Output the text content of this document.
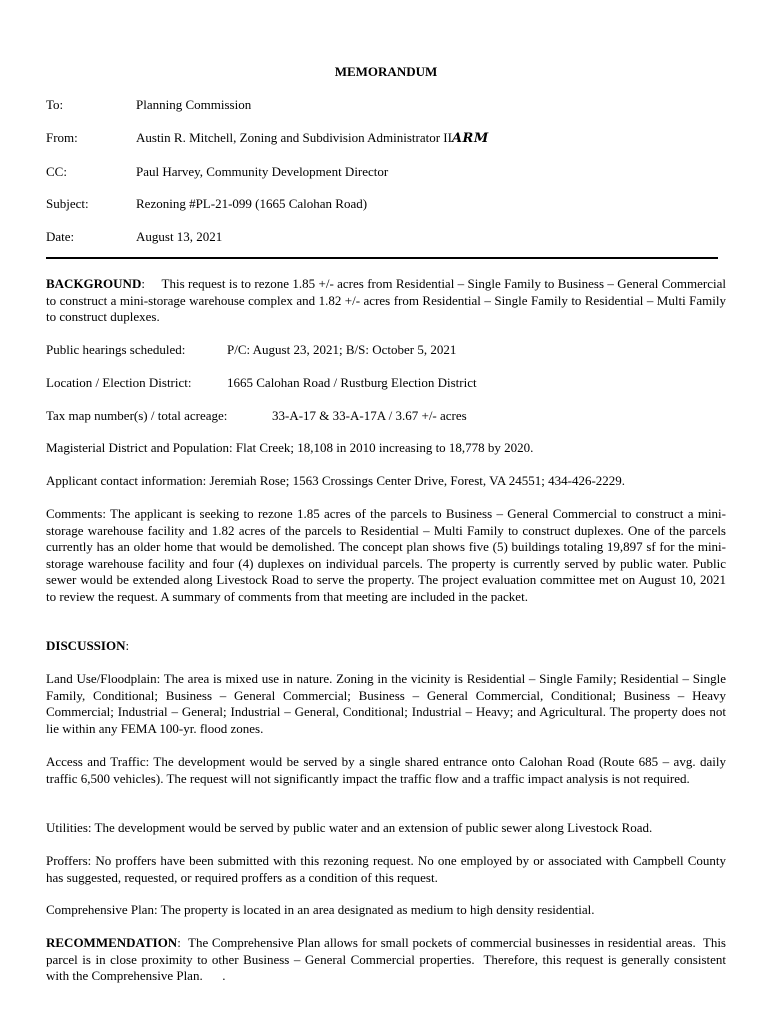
MEMORANDUM
To:	Planning Commission
From:	Austin R. Mitchell, Zoning and Subdivision Administrator IIARM
CC:	Paul Harvey, Community Development Director
Subject:	Rezoning #PL-21-099 (1665 Calohan Road)
Date:	August 13, 2021
BACKGROUND:     This request is to rezone 1.85 +/- acres from Residential – Single Family to Business – General Commercial to construct a mini-storage warehouse complex and 1.82 +/- acres from Residential – Single Family to Residential – Multi Family to construct duplexes.
Public hearings scheduled:	P/C: August 23, 2021; B/S: October 5, 2021
Location / Election District:	1665 Calohan Road / Rustburg Election District
Tax map number(s) / total acreage:	33-A-17 & 33-A-17A / 3.67 +/- acres
Magisterial District and Population: Flat Creek; 18,108 in 2010 increasing to 18,778 by 2020.
Applicant contact information: Jeremiah Rose; 1563 Crossings Center Drive, Forest, VA 24551; 434-426-2229.
Comments: The applicant is seeking to rezone 1.85 acres of the parcels to Business – General Commercial to construct a mini-storage warehouse facility and 1.82 acres of the parcels to Residential – Multi Family to construct duplexes. One of the parcels currently has an older home that would be demolished. The concept plan shows five (5) buildings totaling 19,897 sf for the mini-storage warehouse facility and four (4) duplexes on individual parcels. The property is currently served by public water. Public sewer would be extended along Livestock Road to serve the property. The project evaluation committee met on August 10, 2021 to review the request. A summary of comments from that meeting are included in the packet.
DISCUSSION:
Land Use/Floodplain: The area is mixed use in nature. Zoning in the vicinity is Residential – Single Family; Residential – Single Family, Conditional; Business – General Commercial; Business – General Commercial, Conditional; Business – Heavy Commercial; Industrial – General; Industrial – General, Conditional; Industrial – Heavy; and Agricultural. The property does not lie within any FEMA 100-yr. flood zones.
Access and Traffic: The development would be served by a single shared entrance onto Calohan Road (Route 685 – avg. daily traffic 6,500 vehicles). The request will not significantly impact the traffic flow and a traffic impact analysis is not required.
Utilities: The development would be served by public water and an extension of public sewer along Livestock Road.
Proffers: No proffers have been submitted with this rezoning request. No one employed by or associated with Campbell County has suggested, requested, or required proffers as a condition of this request.
Comprehensive Plan: The property is located in an area designated as medium to high density residential.
RECOMMENDATION:  The Comprehensive Plan allows for small pockets of commercial businesses in residential areas.  This parcel is in close proximity to other Business – General Commercial properties.  Therefore, this request is generally consistent with the Comprehensive Plan.      .
